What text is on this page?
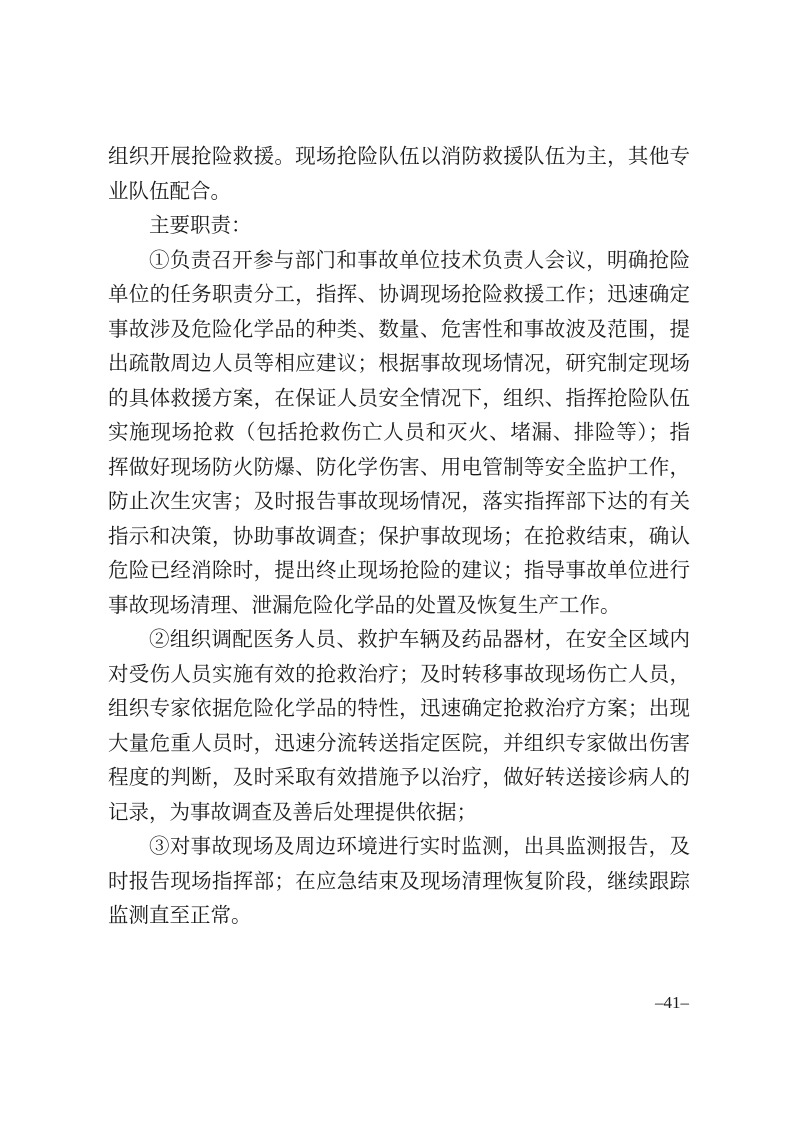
组织开展抢险救援。现场抢险队伍以消防救援队伍为主，其他专业队伍配合。

主要职责：

①负责召开参与部门和事故单位技术负责人会议，明确抢险单位的任务职责分工，指挥、协调现场抢险救援工作；迅速确定事故涉及危险化学品的种类、数量、危害性和事故波及范围，提出疏散周边人员等相应建议；根据事故现场情况，研究制定现场的具体救援方案，在保证人员安全情况下，组织、指挥抢险队伍实施现场抢救（包括抢救伤亡人员和灭火、堵漏、排险等）；指挥做好现场防火防爆、防化学伤害、用电管制等安全监护工作，防止次生灾害；及时报告事故现场情况，落实指挥部下达的有关指示和决策，协助事故调查；保护事故现场；在抢救结束，确认危险已经消除时，提出终止现场抢险的建议；指导事故单位进行事故现场清理、泄漏危险化学品的处置及恢复生产工作。

②组织调配医务人员、救护车辆及药品器材，在安全区域内对受伤人员实施有效的抢救治疗；及时转移事故现场伤亡人员，组织专家依据危险化学品的特性，迅速确定抢救治疗方案；出现大量危重人员时，迅速分流转送指定医院，并组织专家做出伤害程度的判断，及时采取有效措施予以治疗，做好转送接诊病人的记录，为事故调查及善后处理提供依据；

③对事故现场及周边环境进行实时监测，出具监测报告，及时报告现场指挥部；在应急结束及现场清理恢复阶段，继续跟踪监测直至正常。

–41–
